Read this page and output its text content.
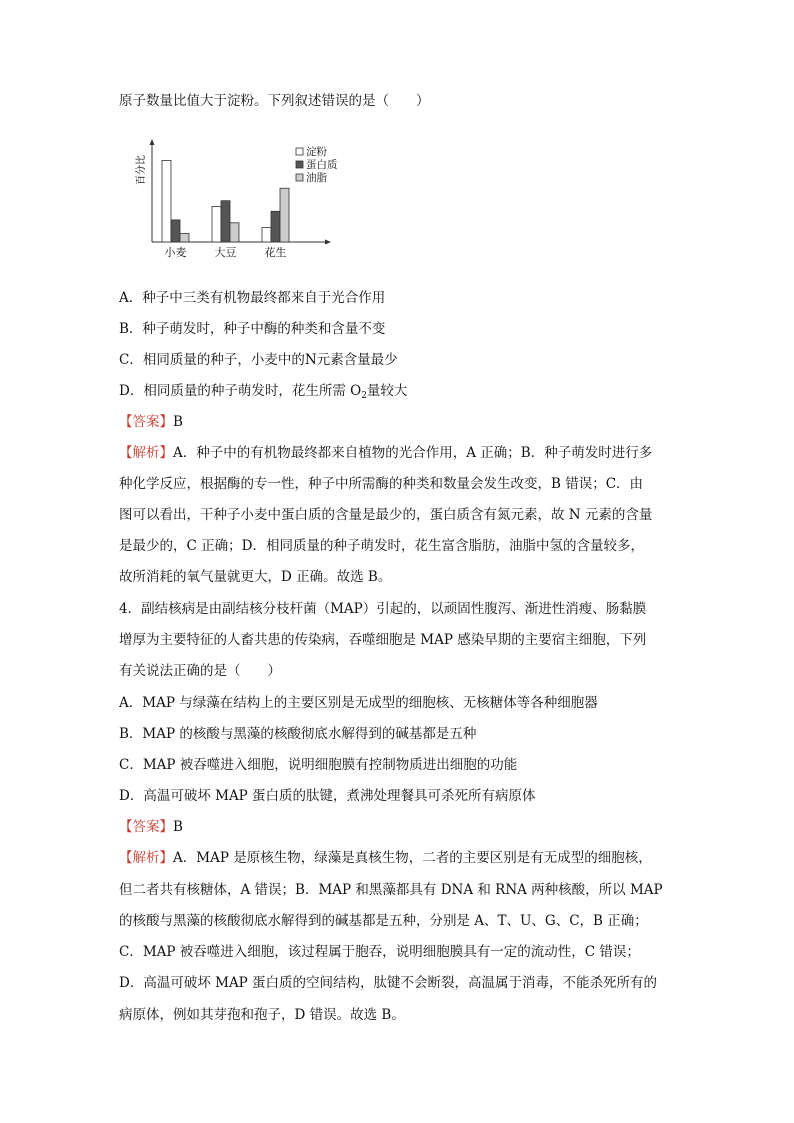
原子数量比值大于淀粉。下列叙述错误的是（　　）
小麦	大豆	花生
淀粉
蛋白质
油脂
百分比
A．种子中三类有机物最终都来自于光合作用
B．种子萌发时，种子中酶的种类和含量不变
C．相同质量的种子，小麦中的N元素含量最少
D．相同质量的种子萌发时，花生所需 $O_2$量较大
【答案】B
【解析】A．种子中的有机物最终都来自植物的光合作用，A 正确；B．种子萌发时进行多
种化学反应，根据酶的专一性，种子中所需酶的种类和数量会发生改变，B 错误；C．由
图可以看出，干种子小麦中蛋白质的含量是最少的，蛋白质含有氮元素，故 N 元素的含量
是最少的，C 正确；D．相同质量的种子萌发时，花生富含脂肪，油脂中氢的含量较多，
故所消耗的氧气量就更大，D 正确。故选 B。
4．副结核病是由副结核分枝杆菌（MAP）引起的，以顽固性腹泻、渐进性消瘦、肠黏膜
增厚为主要特征的人畜共患的传染病，吞噬细胞是 MAP 感染早期的主要宿主细胞，下列
有关说法正确的是（　　）
A．MAP 与绿藻在结构上的主要区别是无成型的细胞核、无核糖体等各种细胞器
B．MAP 的核酸与黑藻的核酸彻底水解得到的碱基都是五种
C．MAP 被吞噬进入细胞，说明细胞膜有控制物质进出细胞的功能
D．高温可破坏 MAP 蛋白质的肽键，煮沸处理餐具可杀死所有病原体
【答案】B
【解析】A．MAP 是原核生物，绿藻是真核生物，二者的主要区别是有无成型的细胞核，
但二者共有核糖体，A 错误；B．MAP 和黑藻都具有 DNA 和 RNA 两种核酸，所以 MAP
的核酸与黑藻的核酸彻底水解得到的碱基都是五种，分别是 A、T、U、G、C，B 正确；
C．MAP 被吞噬进入细胞，该过程属于胞吞，说明细胞膜具有一定的流动性，C 错误；
D．高温可破坏 MAP 蛋白质的空间结构，肽键不会断裂，高温属于消毒，不能杀死所有的
病原体，例如其芽孢和孢子，D 错误。故选 B。
